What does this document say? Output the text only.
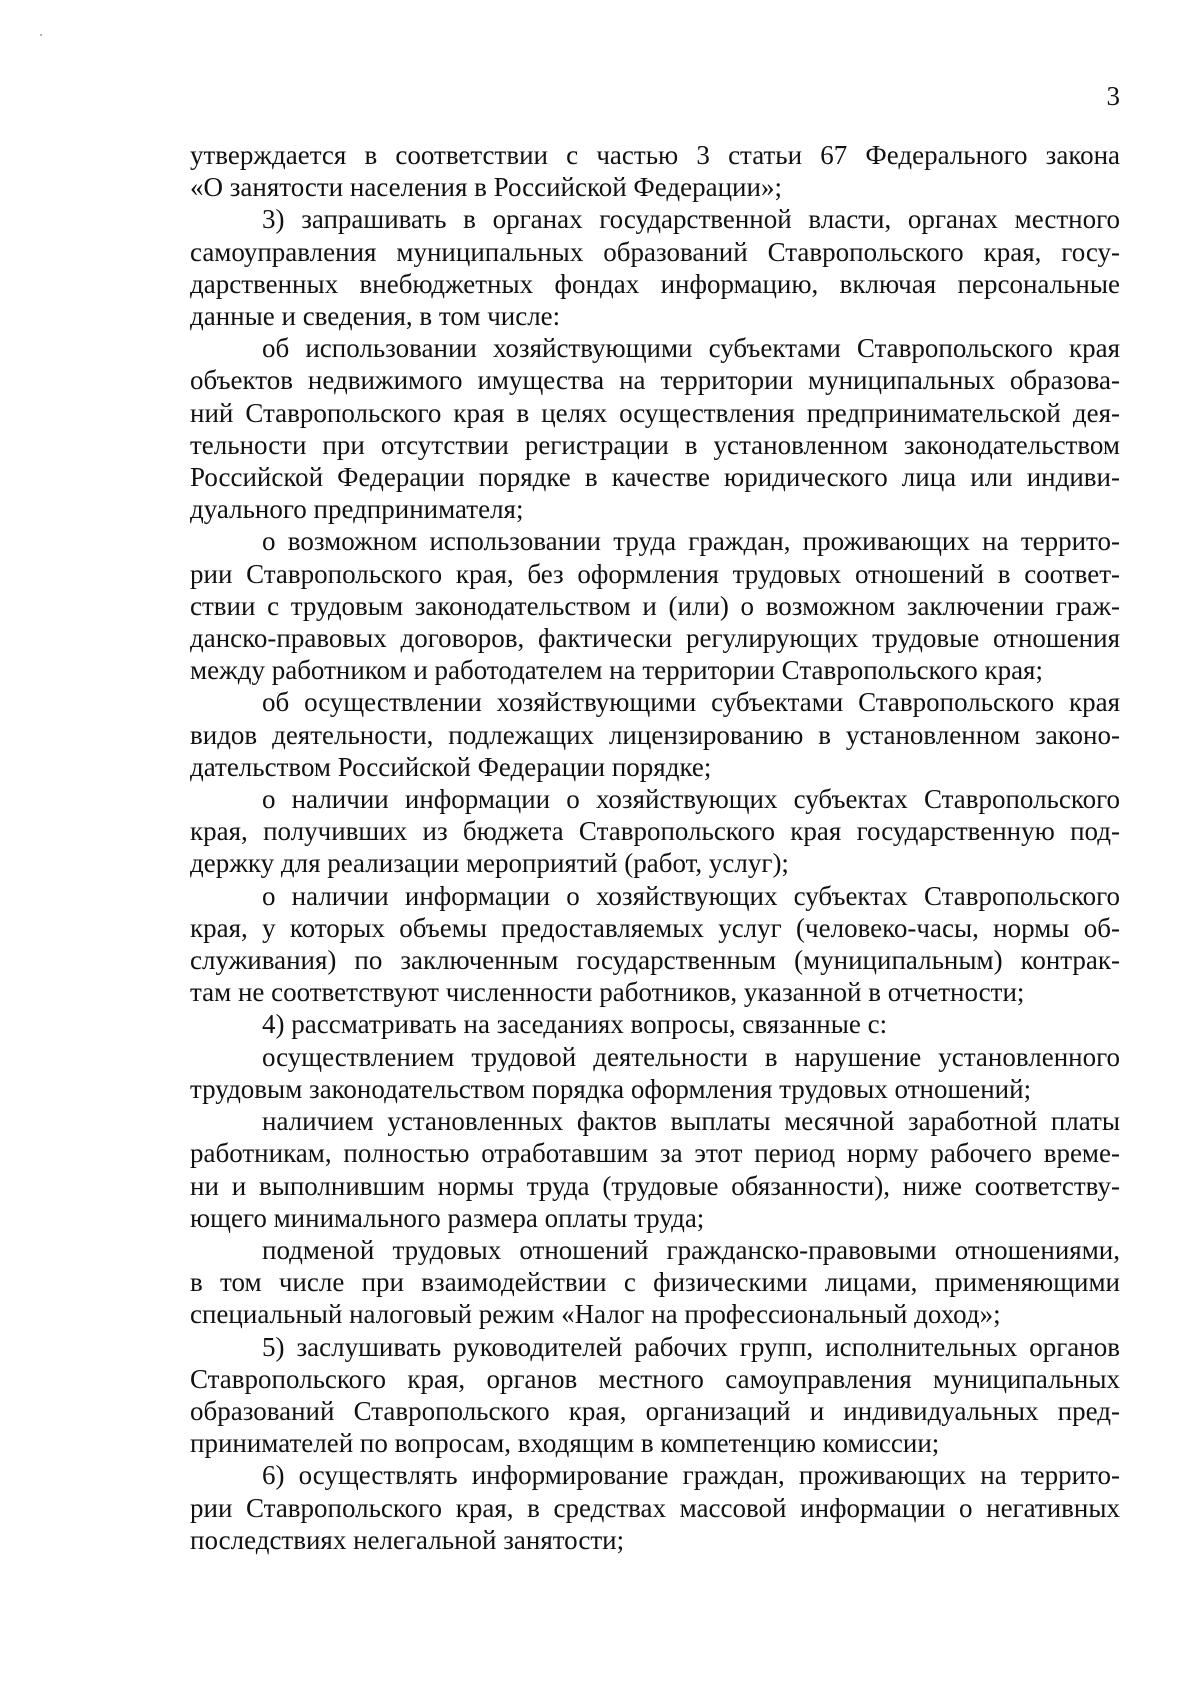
3
утверждается в соответствии с частью 3 статьи 67 Федерального закона
«О занятости населения в Российской Федерации»;
3) запрашивать в органах государственной власти, органах местного
самоуправления муниципальных образований Ставропольского края, госу-
дарственных внебюджетных фондах информацию, включая персональные
данные и сведения, в том числе:
об использовании хозяйствующими субъектами Ставропольского края
объектов недвижимого имущества на территории муниципальных образова-
ний Ставропольского края в целях осуществления предпринимательской дея-
тельности при отсутствии регистрации в установленном законодательством
Российской Федерации порядке в качестве юридического лица или индиви-
дуального предпринимателя;
о возможном использовании труда граждан, проживающих на террито-
рии Ставропольского края, без оформления трудовых отношений в соответ-
ствии с трудовым законодательством и (или) о возможном заключении граж-
данско-правовых договоров, фактически регулирующих трудовые отношения
между работником и работодателем на территории Ставропольского края;
об осуществлении хозяйствующими субъектами Ставропольского края
видов деятельности, подлежащих лицензированию в установленном законо-
дательством Российской Федерации порядке;
о наличии информации о хозяйствующих субъектах Ставропольского
края, получивших из бюджета Ставропольского края государственную под-
держку для реализации мероприятий (работ, услуг);
о наличии информации о хозяйствующих субъектах Ставропольского
края, у которых объемы предоставляемых услуг (человеко-часы, нормы об-
служивания) по заключенным государственным (муниципальным) контрак-
там не соответствуют численности работников, указанной в отчетности;
4) рассматривать на заседаниях вопросы, связанные с:
осуществлением трудовой деятельности в нарушение установленного
трудовым законодательством порядка оформления трудовых отношений;
наличием установленных фактов выплаты месячной заработной платы
работникам, полностью отработавшим за этот период норму рабочего време-
ни и выполнившим нормы труда (трудовые обязанности), ниже соответству-
ющего минимального размера оплаты труда;
подменой трудовых отношений гражданско-правовыми отношениями,
в том числе при взаимодействии с физическими лицами, применяющими
специальный налоговый режим «Налог на профессиональный доход»;
5) заслушивать руководителей рабочих групп, исполнительных органов
Ставропольского края, органов местного самоуправления муниципальных
образований Ставропольского края, организаций и индивидуальных пред-
принимателей по вопросам, входящим в компетенцию комиссии;
6) осуществлять информирование граждан, проживающих на террито-
рии Ставропольского края, в средствах массовой информации о негативных
последствиях нелегальной занятости;
